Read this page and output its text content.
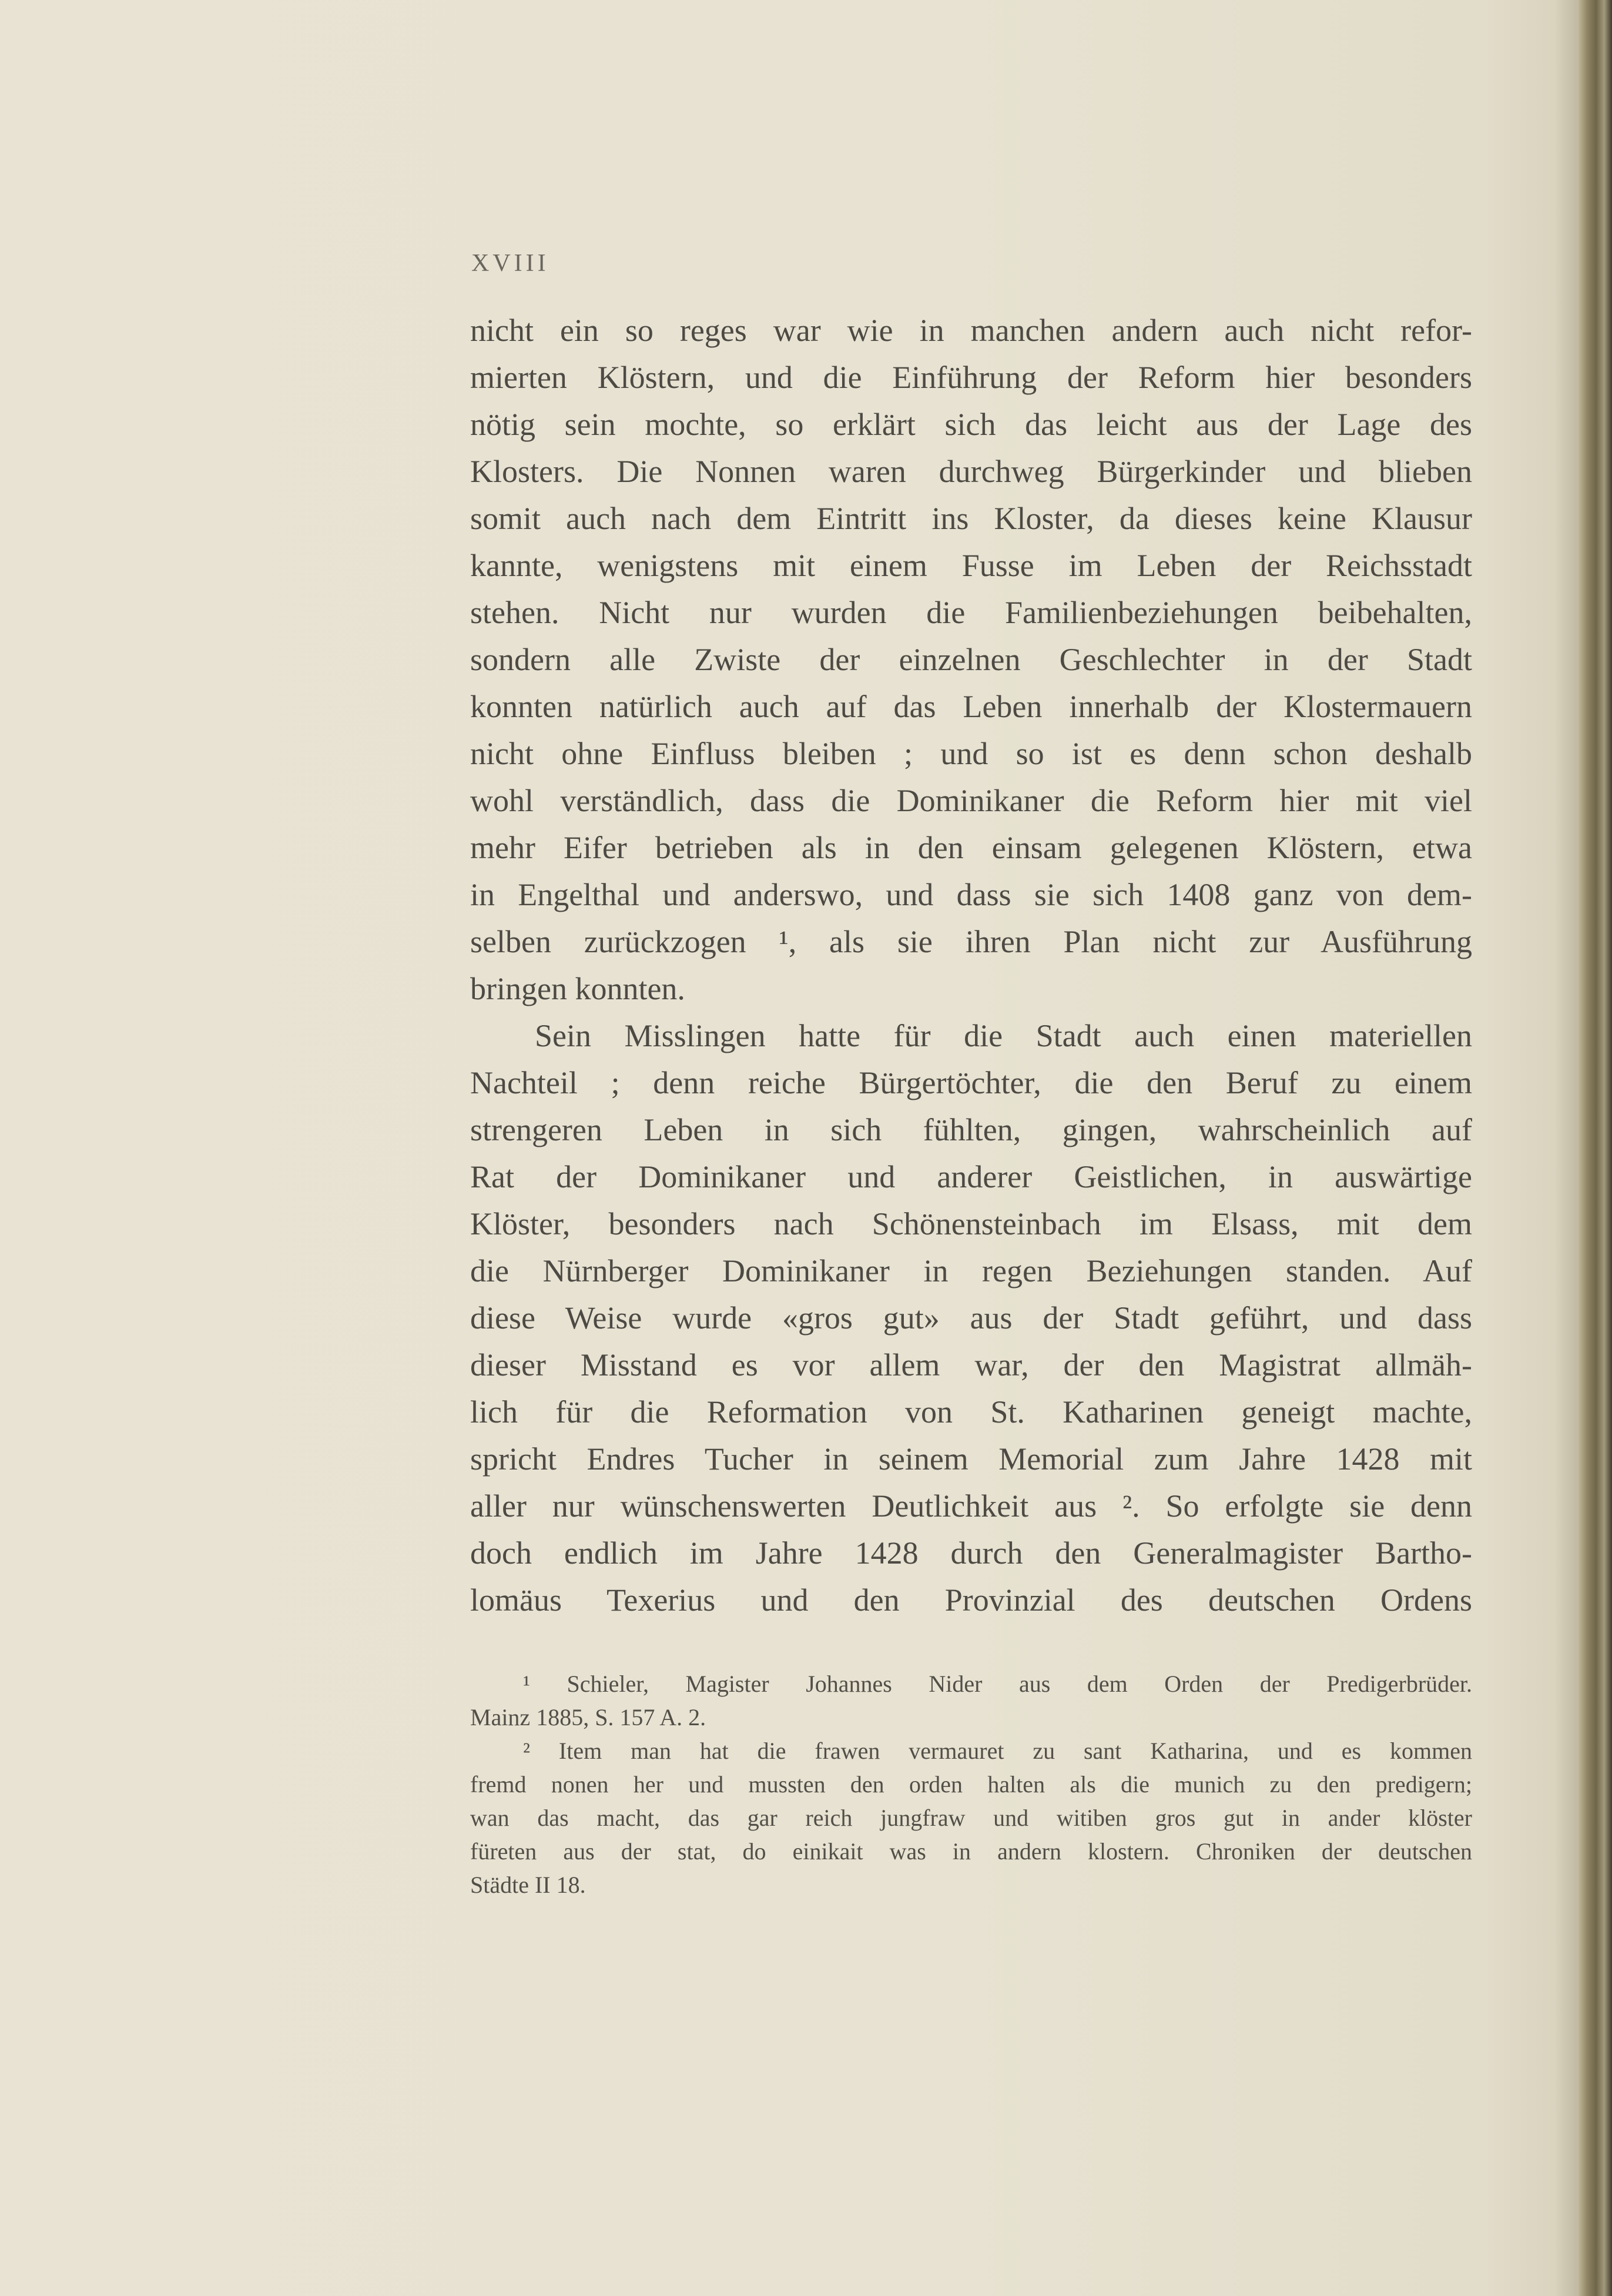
XVIII
nicht ein so reges war wie in manchen andern auch nicht refor-
mierten Klöstern, und die Einführung der Reform hier besonders
nötig sein mochte, so erklärt sich das leicht aus der Lage des
Klosters. Die Nonnen waren durchweg Bürgerkinder und blieben
somit auch nach dem Eintritt ins Kloster, da dieses keine Klausur
kannte, wenigstens mit einem Fusse im Leben der Reichsstadt
stehen. Nicht nur wurden die Familienbeziehungen beibehalten,
sondern alle Zwiste der einzelnen Geschlechter in der Stadt
konnten natürlich auch auf das Leben innerhalb der Klostermauern
nicht ohne Einfluss bleiben ; und so ist es denn schon deshalb
wohl verständlich, dass die Dominikaner die Reform hier mit viel
mehr Eifer betrieben als in den einsam gelegenen Klöstern, etwa
in Engelthal und anderswo, und dass sie sich 1408 ganz von dem-
selben zurückzogen ¹, als sie ihren Plan nicht zur Ausführung
bringen konnten.
Sein Misslingen hatte für die Stadt auch einen materiellen
Nachteil ; denn reiche Bürgertöchter, die den Beruf zu einem
strengeren Leben in sich fühlten, gingen, wahrscheinlich auf
Rat der Dominikaner und anderer Geistlichen, in auswärtige
Klöster, besonders nach Schönensteinbach im Elsass, mit dem
die Nürnberger Dominikaner in regen Beziehungen standen. Auf
diese Weise wurde «gros gut» aus der Stadt geführt, und dass
dieser Misstand es vor allem war, der den Magistrat allmäh-
lich für die Reformation von St. Katharinen geneigt machte,
spricht Endres Tucher in seinem Memorial zum Jahre 1428 mit
aller nur wünschenswerten Deutlichkeit aus ². So erfolgte sie denn
doch endlich im Jahre 1428 durch den Generalmagister Bartho-
lomäus Texerius und den Provinzial des deutschen Ordens
¹ Schieler, Magister Johannes Nider aus dem Orden der Predigerbrüder.
Mainz 1885, S. 157 A. 2.
² Item man hat die frawen vermauret zu sant Katharina, und es kommen
fremd nonen her und mussten den orden halten als die munich zu den predigern;
wan das macht, das gar reich jungfraw und witiben gros gut in ander klöster
füreten aus der stat, do einikait was in andern klostern. Chroniken der deutschen
Städte II 18.
